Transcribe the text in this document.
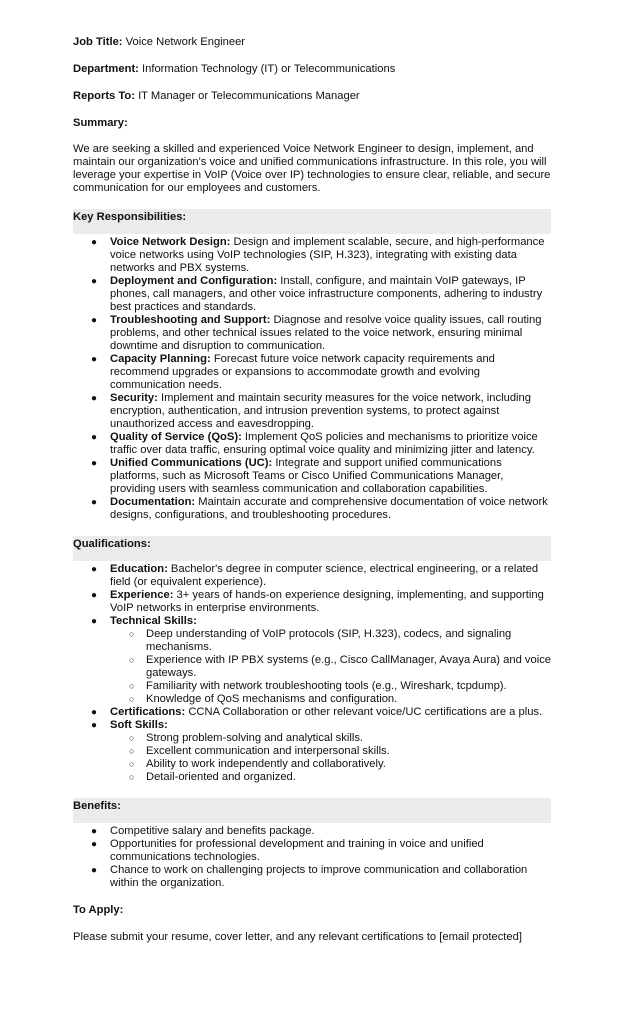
Job Title: Voice Network Engineer

Department: Information Technology (IT) or Telecommunications

Reports To: IT Manager or Telecommunications Manager

Summary:

We are seeking a skilled and experienced Voice Network Engineer to design, implement, and maintain our organization's voice and unified communications infrastructure. In this role, you will leverage your expertise in VoIP (Voice over IP) technologies to ensure clear, reliable, and secure communication for our employees and customers.

Key Responsibilities:
● Voice Network Design: Design and implement scalable, secure, and high-performance voice networks using VoIP technologies (SIP, H.323), integrating with existing data networks and PBX systems.
● Deployment and Configuration: Install, configure, and maintain VoIP gateways, IP phones, call managers, and other voice infrastructure components, adhering to industry best practices and standards.
● Troubleshooting and Support: Diagnose and resolve voice quality issues, call routing problems, and other technical issues related to the voice network, ensuring minimal downtime and disruption to communication.
● Capacity Planning: Forecast future voice network capacity requirements and recommend upgrades or expansions to accommodate growth and evolving communication needs.
● Security: Implement and maintain security measures for the voice network, including encryption, authentication, and intrusion prevention systems, to protect against unauthorized access and eavesdropping.
● Quality of Service (QoS): Implement QoS policies and mechanisms to prioritize voice traffic over data traffic, ensuring optimal voice quality and minimizing jitter and latency.
● Unified Communications (UC): Integrate and support unified communications platforms, such as Microsoft Teams or Cisco Unified Communications Manager, providing users with seamless communication and collaboration capabilities.
● Documentation: Maintain accurate and comprehensive documentation of voice network designs, configurations, and troubleshooting procedures.
Qualifications:
● Education: Bachelor's degree in computer science, electrical engineering, or a related field (or equivalent experience).
● Experience: 3+ years of hands-on experience designing, implementing, and supporting VoIP networks in enterprise environments.
● Technical Skills:
○ Deep understanding of VoIP protocols (SIP, H.323), codecs, and signaling mechanisms.
○ Experience with IP PBX systems (e.g., Cisco CallManager, Avaya Aura) and voice gateways.
○ Familiarity with network troubleshooting tools (e.g., Wireshark, tcpdump).
○ Knowledge of QoS mechanisms and configuration.
● Certifications: CCNA Collaboration or other relevant voice/UC certifications are a plus.
● Soft Skills:
○ Strong problem-solving and analytical skills.
○ Excellent communication and interpersonal skills.
○ Ability to work independently and collaboratively.
○ Detail-oriented and organized.
Benefits:
● Competitive salary and benefits package.
● Opportunities for professional development and training in voice and unified communications technologies.
● Chance to work on challenging projects to improve communication and collaboration within the organization.

To Apply:

Please submit your resume, cover letter, and any relevant certifications to [email protected]
